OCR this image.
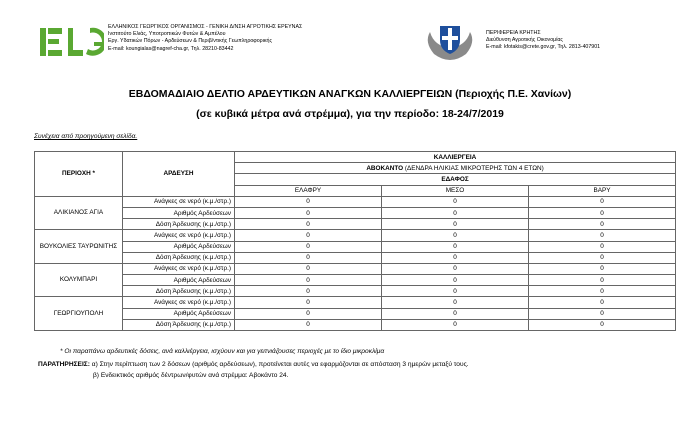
ΕΛΛΗΝΙΚΟΣ ΓΕΩΡΓΙΚΟΣ ΟΡΓΑΝΙΣΜΟΣ - ΓΕΝΙΚΗ Δ/ΝΣΗ ΑΓΡΟΤΙΚΗΣ ΕΡΕΥΝΑΣ
Ινστιτούτο Ελιάς, Υποτροπικών Φυτών & Αμπέλου
Εργ. Υδατικών Πόρων - Αρδεύσεων & Περιβ/ντικής Γεωπληροφορικής
E-mail: koungialas@nagref-cha.gr, Τηλ. 28210-83442
ΠΕΡΙΦΕΡΕΙΑ ΚΡΗΤΗΣ
Διεύθυνση Αγροτικής Οικονομίας
E-mail: kfotakis@crete.gov.gr, Τηλ. 2813-407901
ΕΒΔΟΜΑΔΙΑΙΟ ΔΕΛΤΙΟ ΑΡΔΕΥΤΙΚΩΝ ΑΝΑΓΚΩΝ ΚΑΛΛΙΕΡΓΕΙΩΝ (Περιοχής Π.Ε. Χανίων)
(σε κυβικά μέτρα ανά στρέμμα), για την περίοδο: 18-24/7/2019
Συνέχεια από προηγούμενη σελίδα.
ΠΕΡΙΟΧΗ *	ΑΡΔΕΥΣΗ	ΚΑΛΛΙΕΡΓΕΙΑ		
		ΑΒΟΚΑΝΤΟ (ΔΕΝΔΡΑ ΗΛΙΚΙΑΣ ΜΙΚΡΟΤΕΡΗΣ ΤΩΝ 4 ΕΤΩΝ)		
		ΕΔΑΦΟΣ		
		ΕΛΑΦΡΥ	ΜΕΣΟ	ΒΑΡΥ
ΑΛΙΚΙΑΝΟΣ ΑΓΙΑ	Ανάγκες σε νερό (κ.μ./στρ.)	0	0	0
	Αριθμός Αρδεύσεων	0	0	0
	Δόση Άρδευσης (κ.μ./στρ.)	0	0	0
ΒΟΥΚΟΛΙΕΣ ΤΑΥΡΩΝΙΤΗΣ	Ανάγκες σε νερό (κ.μ./στρ.)	0	0	0
	Αριθμός Αρδεύσεων	0	0	0
	Δόση Άρδευσης (κ.μ./στρ.)	0	0	0
ΚΟΛΥΜΠΑΡΙ	Ανάγκες σε νερό (κ.μ./στρ.)	0	0	0
	Αριθμός Αρδεύσεων	0	0	0
	Δόση Άρδευσης (κ.μ./στρ.)	0	0	0
ΓΕΩΡΓΙΟΥΠΟΛΗ	Ανάγκες σε νερό (κ.μ./στρ.)	0	0	0
	Αριθμός Αρδεύσεων	0	0	0
	Δόση Άρδευσης (κ.μ./στρ.)	0	0	0
* Οι παραπάνω αρδευτικές δόσεις, ανά καλλιέργεια, ισχύουν και για γειτνιάζουσες περιοχές με το ίδιο μικροκλίμα
ΠΑΡΑΤΗΡΗΣΕΙΣ: α) Στην περίπτωση των 2 δόσεων (αριθμός αρδεύσεων), προτείνεται αυτές να εφαρμόζονται σε απόσταση 3 ημερών μεταξύ τους.
β) Ενδεικτικός αριθμός δέντρων/φυτών ανά στρέμμα: Αβοκάντο 24.
